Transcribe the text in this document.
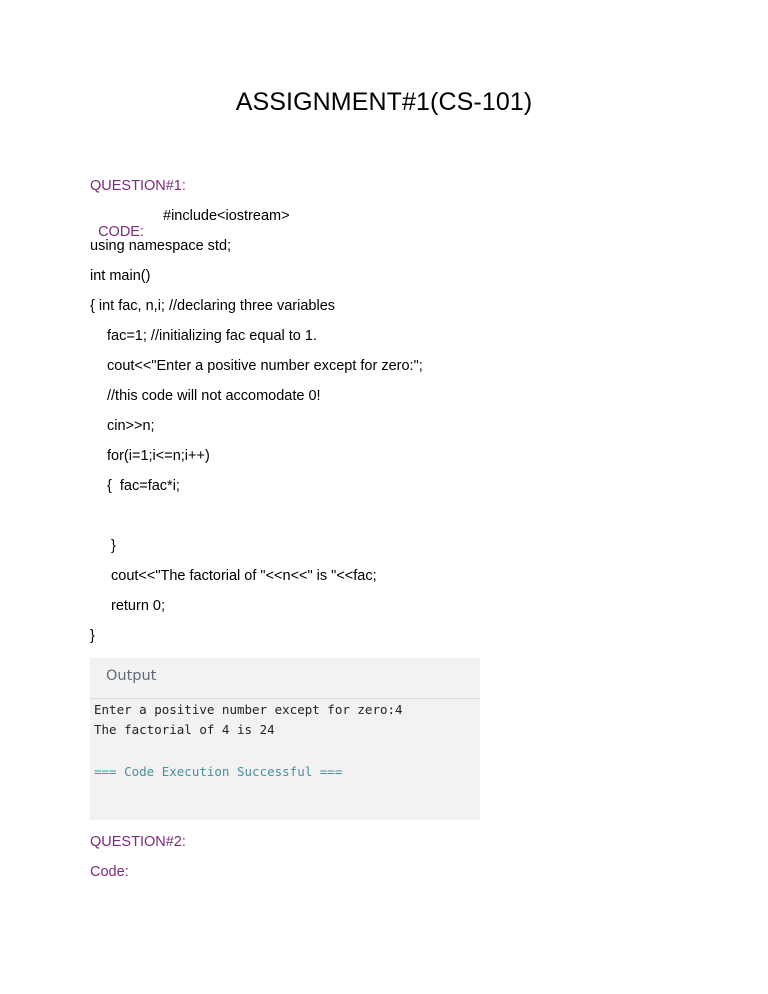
ASSIGNMENT#1(CS-101)
QUESTION#1:

CODE:

#include<iostream>
using namespace std;
int main()
{ int fac, n,i; //declaring three variables
fac=1; //initializing fac equal to 1.
cout<<"Enter a positive number except for zero:";
//this code will not accomodate 0!
cin>>n;
for(i=1;i<=n;i++)
{  fac=fac*i;
}
cout<<"The factorial of "<<n<<" is "<<fac;
return 0;
}
Output
Enter a positive number except for zero:4
The factorial of 4 is 24
=== Code Execution Successful ===
QUESTION#2:
Code:
